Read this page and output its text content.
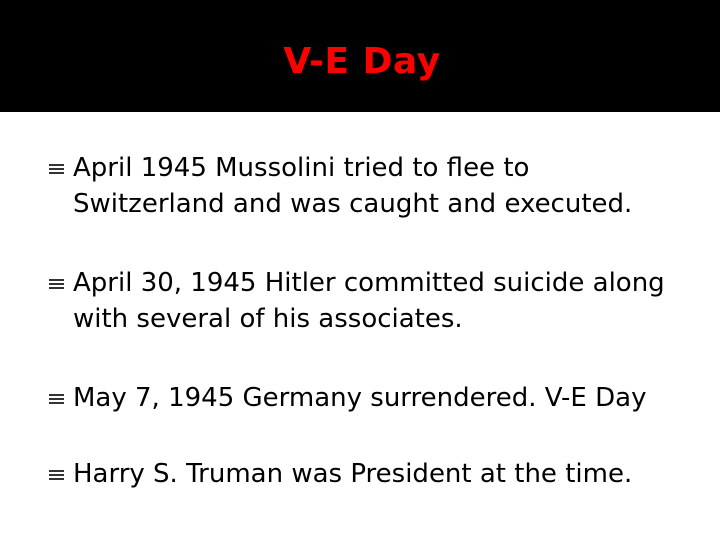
V-E Day
April 1945 Mussolini tried to flee to
Switzerland and was caught and executed.
April 30, 1945 Hitler committed suicide along
with several of his associates.
May 7, 1945 Germany surrendered. V-E Day
Harry S. Truman was President at the time.
